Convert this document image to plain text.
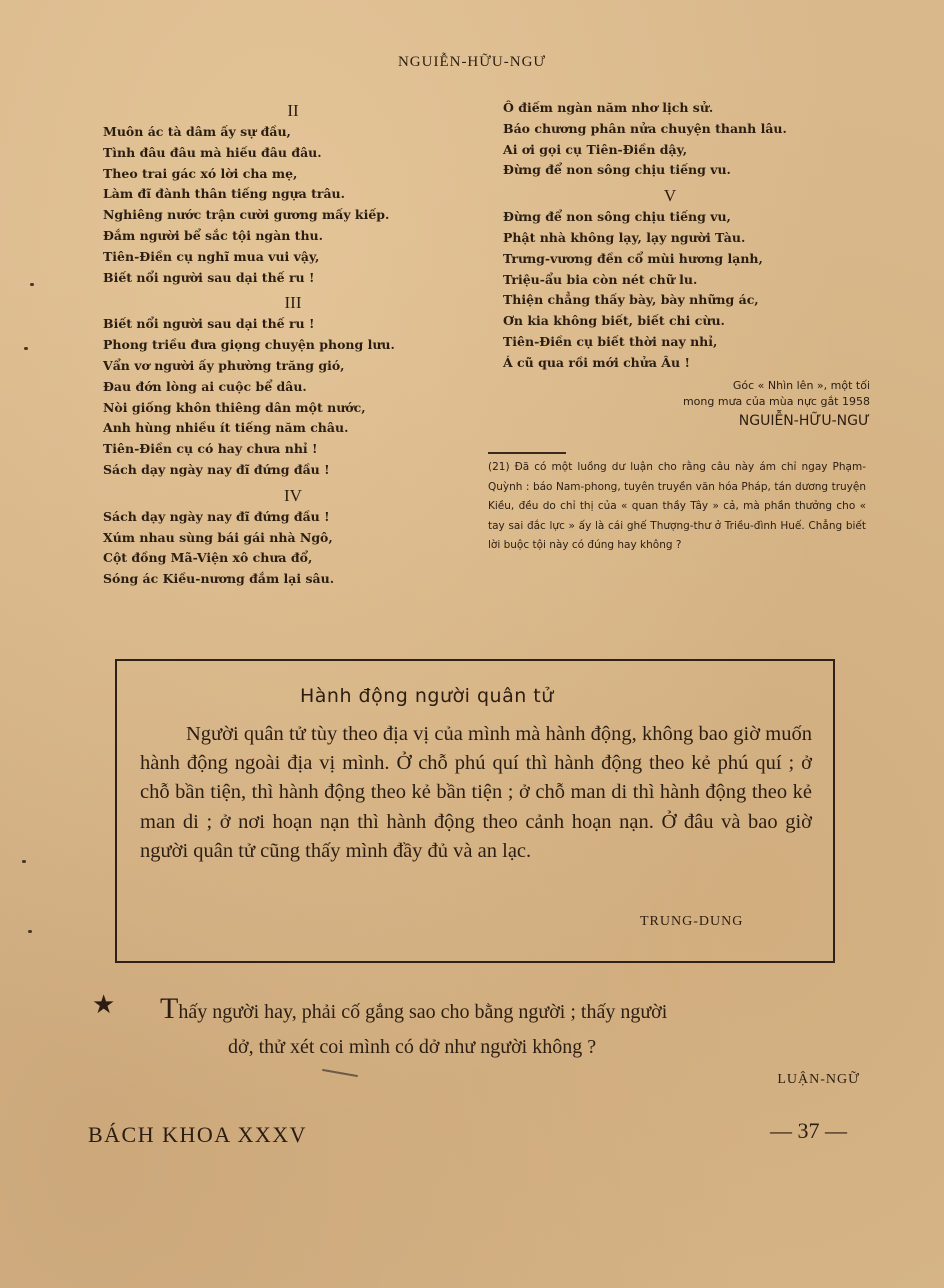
NGUIỄN-HỮU-NGƯ

II

Muôn ác tà dâm ấy sự đầu,
Tình đâu đâu mà hiếu đâu đâu.
Theo trai gác xó lời cha mẹ,
Làm đĩ đành thân tiếng ngựa trâu.
Nghiêng nước trận cười gương mấy kiếp.
Đắm người bể sắc tội ngàn thu.
Tiên-Điền cụ nghĩ mua vui vậy,
Biết nổi người sau dại thế ru !

III

Biết nổi người sau dại thế ru !
Phong triều đưa giọng chuyện phong lưu.
Vẩn vơ người ấy phường trăng gió,
Đau đớn lòng ai cuộc bể dâu.
Nòi giống khôn thiêng dân một nước,
Anh hùng nhiều ít tiếng năm châu.
Tiên-Điền cụ có hay chưa nhỉ !
Sách dạy ngày nay đĩ đứng đầu !

IV

Sách dạy ngày nay đĩ đứng đầu !
Xúm nhau sùng bái gái nhà Ngô,
Cột đồng Mã-Viện xô chưa đổ,
Sóng ác Kiều-nương đắm lại sâu.
Ô điếm ngàn năm nhơ lịch sử.
Báo chương phân nửa chuyện thanh lâu.
Ai ơi gọi cụ Tiên-Điền dậy,
Đừng để non sông chịu tiếng vu.

V

Đừng để non sông chịu tiếng vu,
Phật nhà không lạy, lạy người Tàu.
Trưng-vương đền cổ mùi hương lạnh,
Triệu-ẩu bia còn nét chữ lu.
Thiện chẳng thấy bày, bày những ác,
Ơn kia không biết, biết chi cừu.
Tiên-Điền cụ biết thời nay nhỉ,
Á cũ qua rồi mới chửa Âu !
Góc « Nhìn lên », một tối
mong mưa của mùa nực gắt 1958
NGUIỄN-HỮU-NGƯ
(21) Đã có một luồng dư luận cho rằng câu này ám chỉ ngay Phạm-Quỳnh : báo Nam-phong, tuyên truyền văn hóa Pháp, tán dương truyện Kiều, đều do chỉ thị của « quan thầy Tây » cả, mà phần thưởng cho « tay sai đắc lực » ấy là cái ghế Thượng-thư ở Triều-đình Huế. Chẳng biết lời buộc tội này có đúng hay không ?
Hành động người quân tử
Người quân tử tùy theo địa vị của mình mà hành động, không bao giờ muốn hành động ngoài địa vị mình. Ở chỗ phú quí thì hành động theo kẻ phú quí ; ở chỗ bần tiện, thì hành động theo kẻ bần tiện ; ở chỗ man di thì hành động theo kẻ man di ; ở nơi hoạn nạn thì hành động theo cảnh hoạn nạn. Ở đâu và bao giờ người quân tử cũng thấy mình đầy đủ và an lạc.
TRUNG-DUNG
★ Thấy người hay, phải cố gắng sao cho bằng người ; thấy người
dở, thử xét coi mình có dở như người không ?
LUẬN-NGỮ
BÁCH KHOA XXXV	— 37 —
